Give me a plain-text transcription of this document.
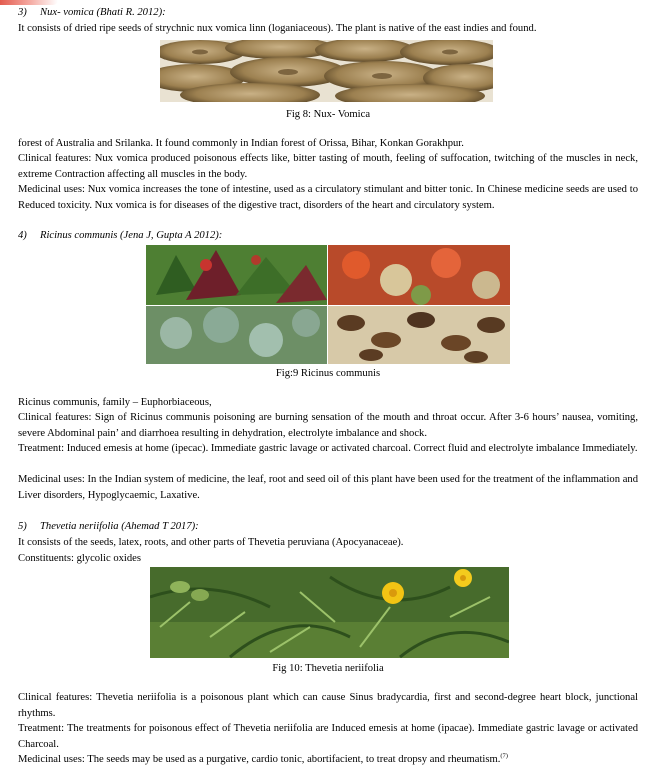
3) Nux- vomica (Bhati R. 2012):
It consists of dried ripe seeds of strychnic nux vomica linn (loganiaceous). The plant is native of the east indies and found.
Fig 8: Nux- Vomica
forest of Australia and Srilanka. It found commonly in Indian forest of Orissa, Bihar, Konkan Gorakhpur.

Clinical features: Nux vomica produced poisonous effects like, bitter tasting of mouth, feeling of suffocation, twitching of the muscles in neck, extreme Contraction affecting all muscles in the body.

Medicinal uses: Nux vomica increases the tone of intestine, used as a circulatory stimulant and bitter tonic. In Chinese medicine seeds are used to Reduced toxicity. Nux vomica is for diseases of the digestive tract, disorders of the heart and circulatory system.

4) Ricinus communis (Jena J, Gupta A 2012):
Fig:9 Ricinus communis
Ricinus communis, family – Euphorbiaceous,

Clinical features: Sign of Ricinus communis poisoning are burning sensation of the mouth and throat occur. After 3-6 hours’ nausea, vomiting, severe Abdominal pain’ and diarrhoea resulting in dehydration, electrolyte imbalance and shock.

Treatment: Induced emesis at home (ipecac). Immediate gastric lavage or activated charcoal. Correct fluid and electrolyte imbalance Immediately.

Medicinal uses: In the Indian system of medicine, the leaf, root and seed oil of this plant have been used for the treatment of the inflammation and Liver disorders, Hypoglycaemic, Laxative.

5) Thevetia neriifolia (Ahemad T 2017):
It consists of the seeds, latex, roots, and other parts of Thevetia peruviana (Apocyanaceae).
Constituents: glycolic oxides
Fig 10: Thevetia neriifolia

Clinical features: Thevetia neriifolia is a poisonous plant which can cause Sinus bradycardia, first and second-degree heart block, junctional rhythms.

Treatment: The treatments for poisonous effect of Thevetia neriifolia are Induced emesis at home (ipacae). Immediate gastric lavage or activated Charcoal.

Medicinal uses: The seeds may be used as a purgative, cardio tonic, abortifacient, to treat dropsy and rheumatism.$^{(7)}$
